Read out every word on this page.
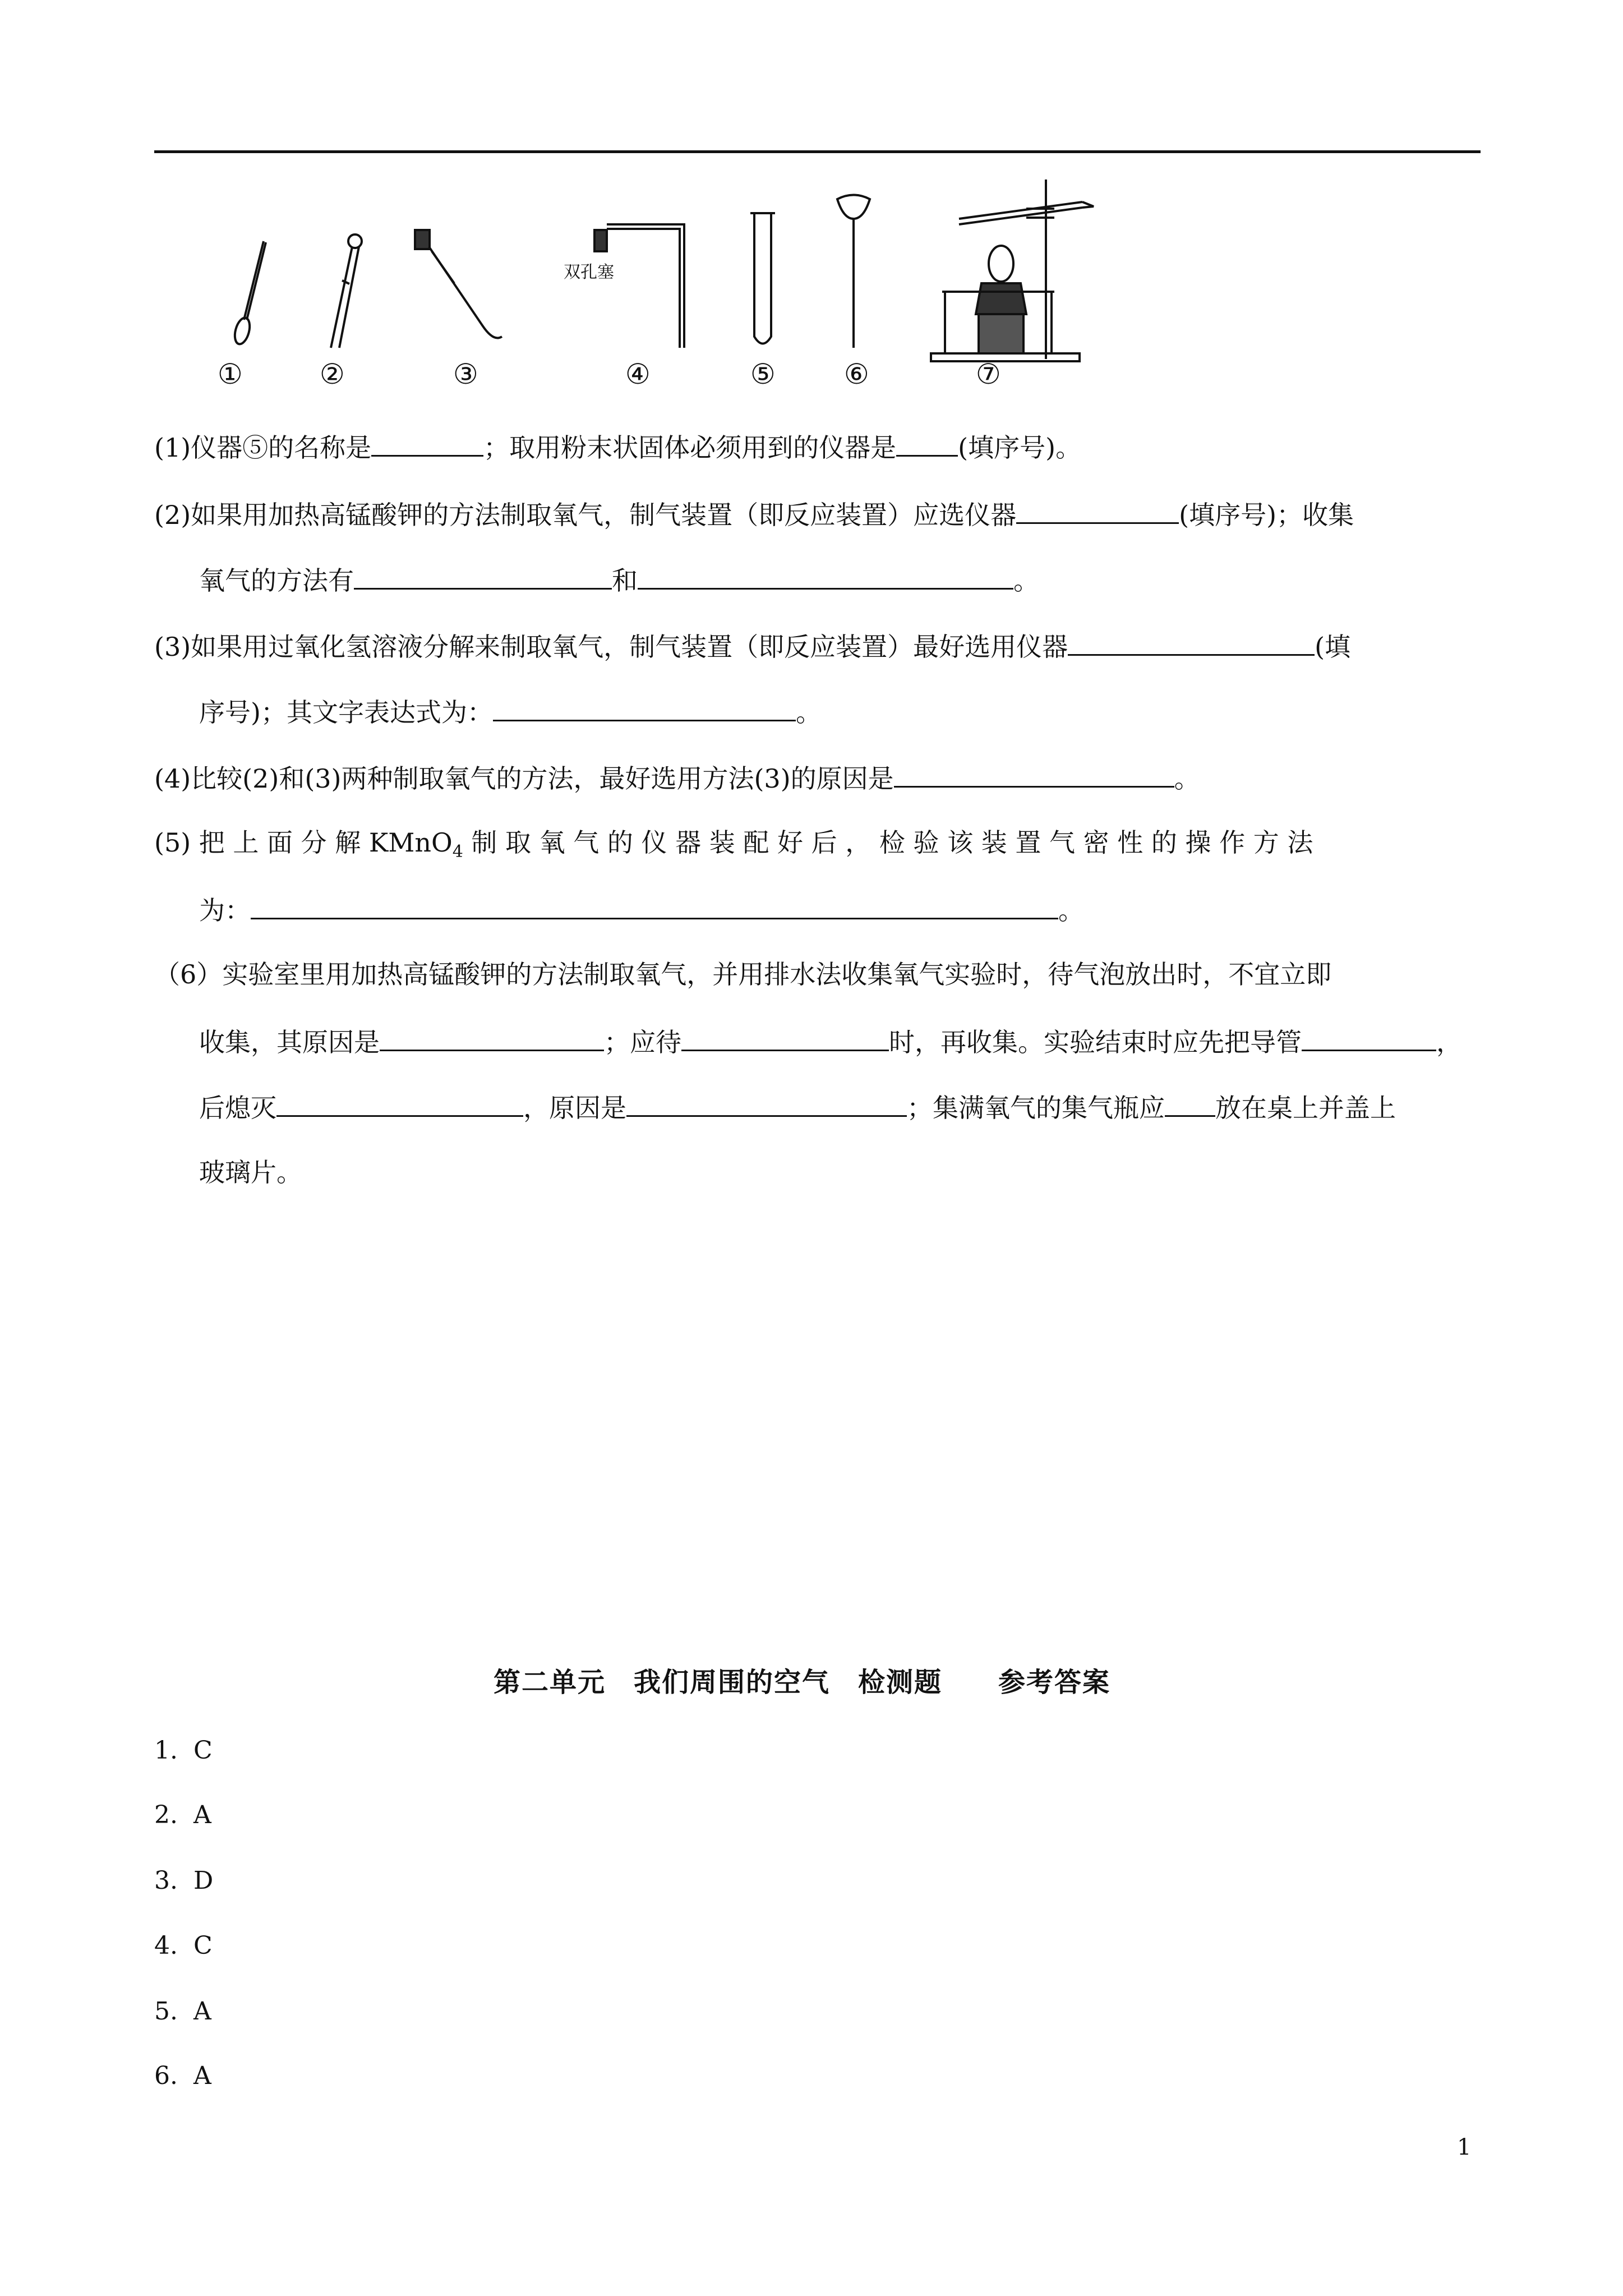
双孔塞
①	②	③	④	⑤ ⑥	⑦
(1)仪器⑤的名称是	；取用粉末状固体必须用到的仪器是 (填序号)。
(2)如果用加热高锰酸钾的方法制取氧气，制气装置（即反应装置）应选仪器	(填序号)；收集
氧气的方法有	和	。
(3)如果用过氧化氢溶液分解来制取氧气，制气装置（即反应装置）最好选用仪器	(填
序号)；其文字表达式为：	。
(4)比较(2)和(3)两种制取氧气的方法，最好选用方法(3)的原因是	。
(5) 把 上 面 分 解 KMnO$_4$ 制 取 氧 气 的 仪 器 装 配 好 后 ， 检 验 该 装 置 气 密 性 的 操 作 方 法
为：	。
（6）实验室里用加热高锰酸钾的方法制取氧气，并用排水法收集氧气实验时，待气泡放出时，不宜立即
收集，其原因是	；应待	时，再收集。实验结束时应先把导管	，
后熄灭	，原因是	；集满氧气的集气瓶应 放在桌上并盖上
玻璃片。
第二单元　我们周围的空气　检测题　　参考答案
1.  C
2.  A
3.  D
4.  C
5.  A
6.  A
1
